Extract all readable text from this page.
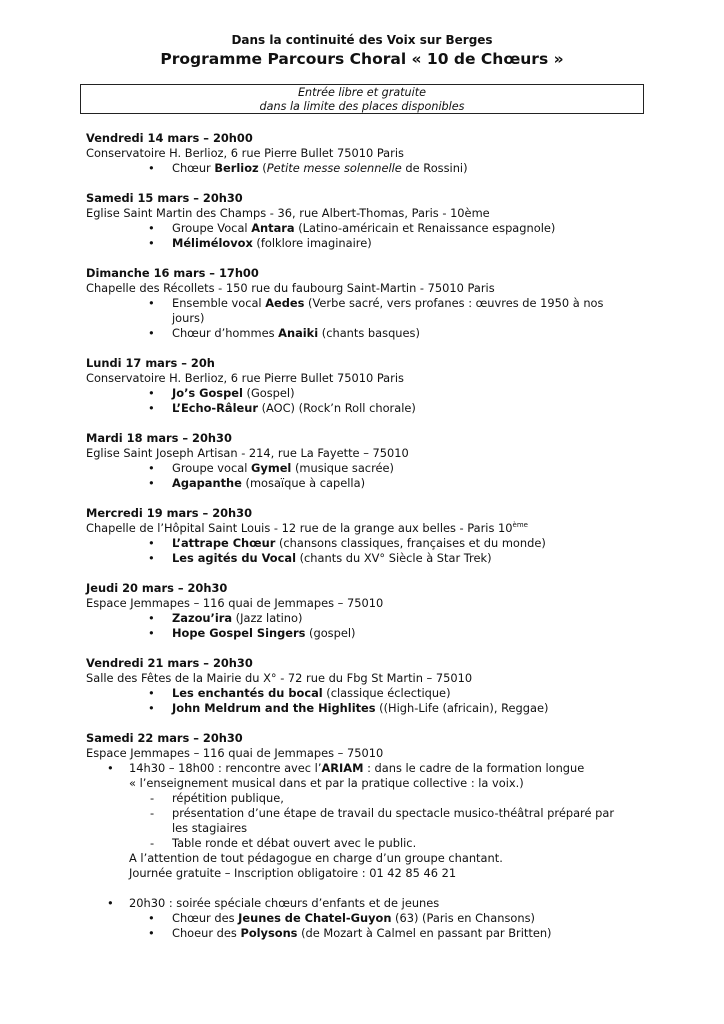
Dans la continuité des Voix sur Berges
Programme Parcours Choral « 10 de Chœurs »
Entrée libre et gratuite
dans la limite des places disponibles
Vendredi 14 mars – 20h00
Conservatoire H. Berlioz, 6 rue Pierre Bullet 75010 Paris
• Chœur Berlioz (Petite messe solennelle de Rossini)
Samedi 15 mars – 20h30
Eglise Saint Martin des Champs - 36, rue Albert-Thomas, Paris - 10ème
• Groupe Vocal Antara (Latino-américain et Renaissance espagnole)
• Mélimélovox (folklore imaginaire)
Dimanche 16 mars – 17h00
Chapelle des Récollets - 150 rue du faubourg Saint-Martin - 75010 Paris
• Ensemble vocal Aedes (Verbe sacré, vers profanes : œuvres de 1950 à nos jours)
• Chœur d’hommes Anaiki (chants basques)
Lundi 17 mars – 20h
Conservatoire H. Berlioz, 6 rue Pierre Bullet 75010 Paris
• Jo’s Gospel (Gospel)
• L’Echo-Râleur (AOC) (Rock’n Roll chorale)
Mardi 18 mars – 20h30
Eglise Saint Joseph Artisan - 214, rue La Fayette – 75010
• Groupe vocal Gymel (musique sacrée)
• Agapanthe (mosaïque à capella)
Mercredi 19 mars – 20h30
Chapelle de l’Hôpital Saint Louis - 12 rue de la grange aux belles - Paris 10ème
• L’attrape Chœur (chansons classiques, françaises et du monde)
• Les agités du Vocal (chants du XV° Siècle à Star Trek)
Jeudi 20 mars – 20h30
Espace Jemmapes – 116 quai de Jemmapes – 75010
• Zazou’ira (Jazz latino)
• Hope Gospel Singers (gospel)
Vendredi 21 mars – 20h30
Salle des Fêtes de la Mairie du X° - 72 rue du Fbg St Martin – 75010
• Les enchantés du bocal (classique éclectique)
• John Meldrum and the Highlites ((High-Life (africain), Reggae)
Samedi 22 mars – 20h30
Espace Jemmapes – 116 quai de Jemmapes – 75010
• 14h30 – 18h00 : rencontre avec l’ARIAM : dans le cadre de la formation longue
« l’enseignement musical dans et par la pratique collective : la voix.)
- répétition publique,
- présentation d’une étape de travail du spectacle musico-théâtral préparé par les stagiaires
- Table ronde et débat ouvert avec le public.
A l’attention de tout pédagogue en charge d’un groupe chantant.
Journée gratuite – Inscription obligatoire : 01 42 85 46 21
• 20h30 : soirée spéciale chœurs d’enfants et de jeunes
• Chœur des Jeunes de Chatel-Guyon (63) (Paris en Chansons)
• Choeur des Polysons (de Mozart à Calmel en passant par Britten)
